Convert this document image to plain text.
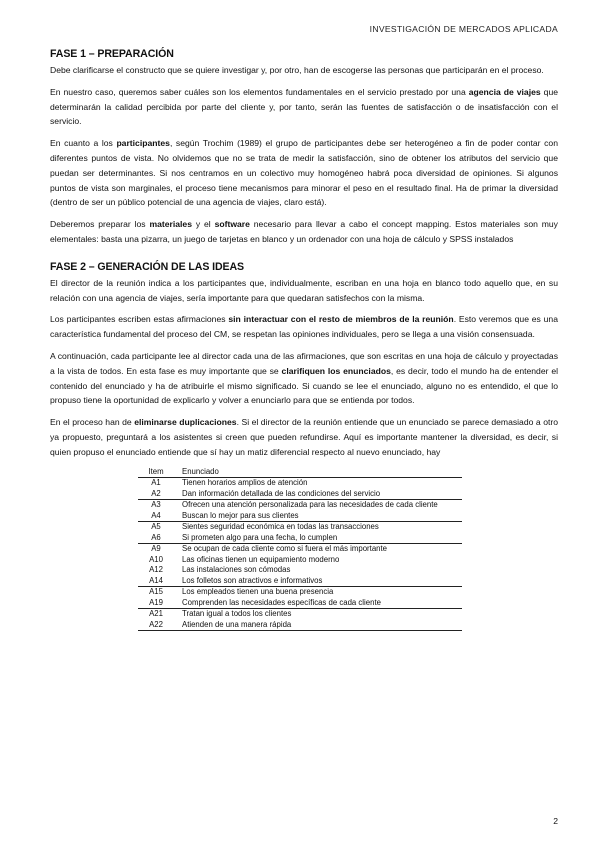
INVESTIGACIÓN DE MERCADOS APLICADA
FASE 1 – PREPARACIÓN

Debe clarificarse el constructo que se quiere investigar y, por otro, han de escogerse las personas que participarán en el proceso.

En nuestro caso, queremos saber cuáles son los elementos fundamentales en el servicio prestado por una agencia de viajes que determinarán la calidad percibida por parte del cliente y, por tanto, serán las fuentes de satisfacción o de insatisfacción con el servicio.

En cuanto a los participantes, según Trochim (1989) el grupo de participantes debe ser heterogéneo a fin de poder contar con diferentes puntos de vista. No olvidemos que no se trata de medir la satisfacción, sino de obtener los atributos del servicio que puedan ser determinantes. Si nos centramos en un colectivo muy homogéneo habrá poca diversidad de opiniones. Si algunos puntos de vista son marginales, el proceso tiene mecanismos para minorar el peso en el resultado final. Ha de primar la diversidad (dentro de ser un público potencial de una agencia de viajes, claro está).

Deberemos preparar los materiales y el software necesario para llevar a cabo el concept mapping. Estos materiales son muy elementales: basta una pizarra, un juego de tarjetas en blanco y un ordenador con una hoja de cálculo y SPSS instalados

FASE 2 – GENERACIÓN DE LAS IDEAS

El director de la reunión indica a los participantes que, individualmente, escriban en una hoja en blanco todo aquello que, en su relación con una agencia de viajes, sería importante para que quedaran satisfechos con la misma.

Los participantes escriben estas afirmaciones sin interactuar con el resto de miembros de la reunión. Esto veremos que es una característica fundamental del proceso del CM, se respetan las opiniones individuales, pero se llega a una visión consensuada.

A continuación, cada participante lee al director cada una de las afirmaciones, que son escritas en una hoja de cálculo y proyectadas a la vista de todos. En esta fase es muy importante que se clarifiquen los enunciados, es decir, todo el mundo ha de entender el contenido del enunciado y ha de atribuirle el mismo significado. Si cuando se lee el enunciado, alguno no es entendido, el que lo propuso tiene la oportunidad de explicarlo y volver a enunciarlo para que se entienda por todos.

En el proceso han de eliminarse duplicaciones. Si el director de la reunión entiende que un enunciado se parece demasiado a otro ya propuesto, preguntará a los asistentes si creen que pueden refundirse. Aquí es importante mantener la diversidad, es decir, si quien propuso el enunciado entiende que sí hay un matiz diferencial respecto al nuevo enunciado, hay

Item	Enunciado
A1	Tienen horarios amplios de atención
A2	Dan información detallada de las condiciones del servicio
A3	Ofrecen una atención personalizada para las necesidades de cada cliente
A4	Buscan lo mejor para sus clientes
A5	Sientes seguridad económica en todas las transacciones
A6	Si prometen algo para una fecha, lo cumplen
A9	Se ocupan de cada cliente como si fuera el más importante
A10	Las oficinas tienen un equipamiento moderno
A12	Las instalaciones son cómodas
A14	Los folletos son atractivos e informativos
A15	Los empleados tienen una buena presencia
A19	Comprenden las necesidades específicas de cada cliente
A21	Tratan igual a todos los clientes
A22	Atienden de una manera rápida
2
